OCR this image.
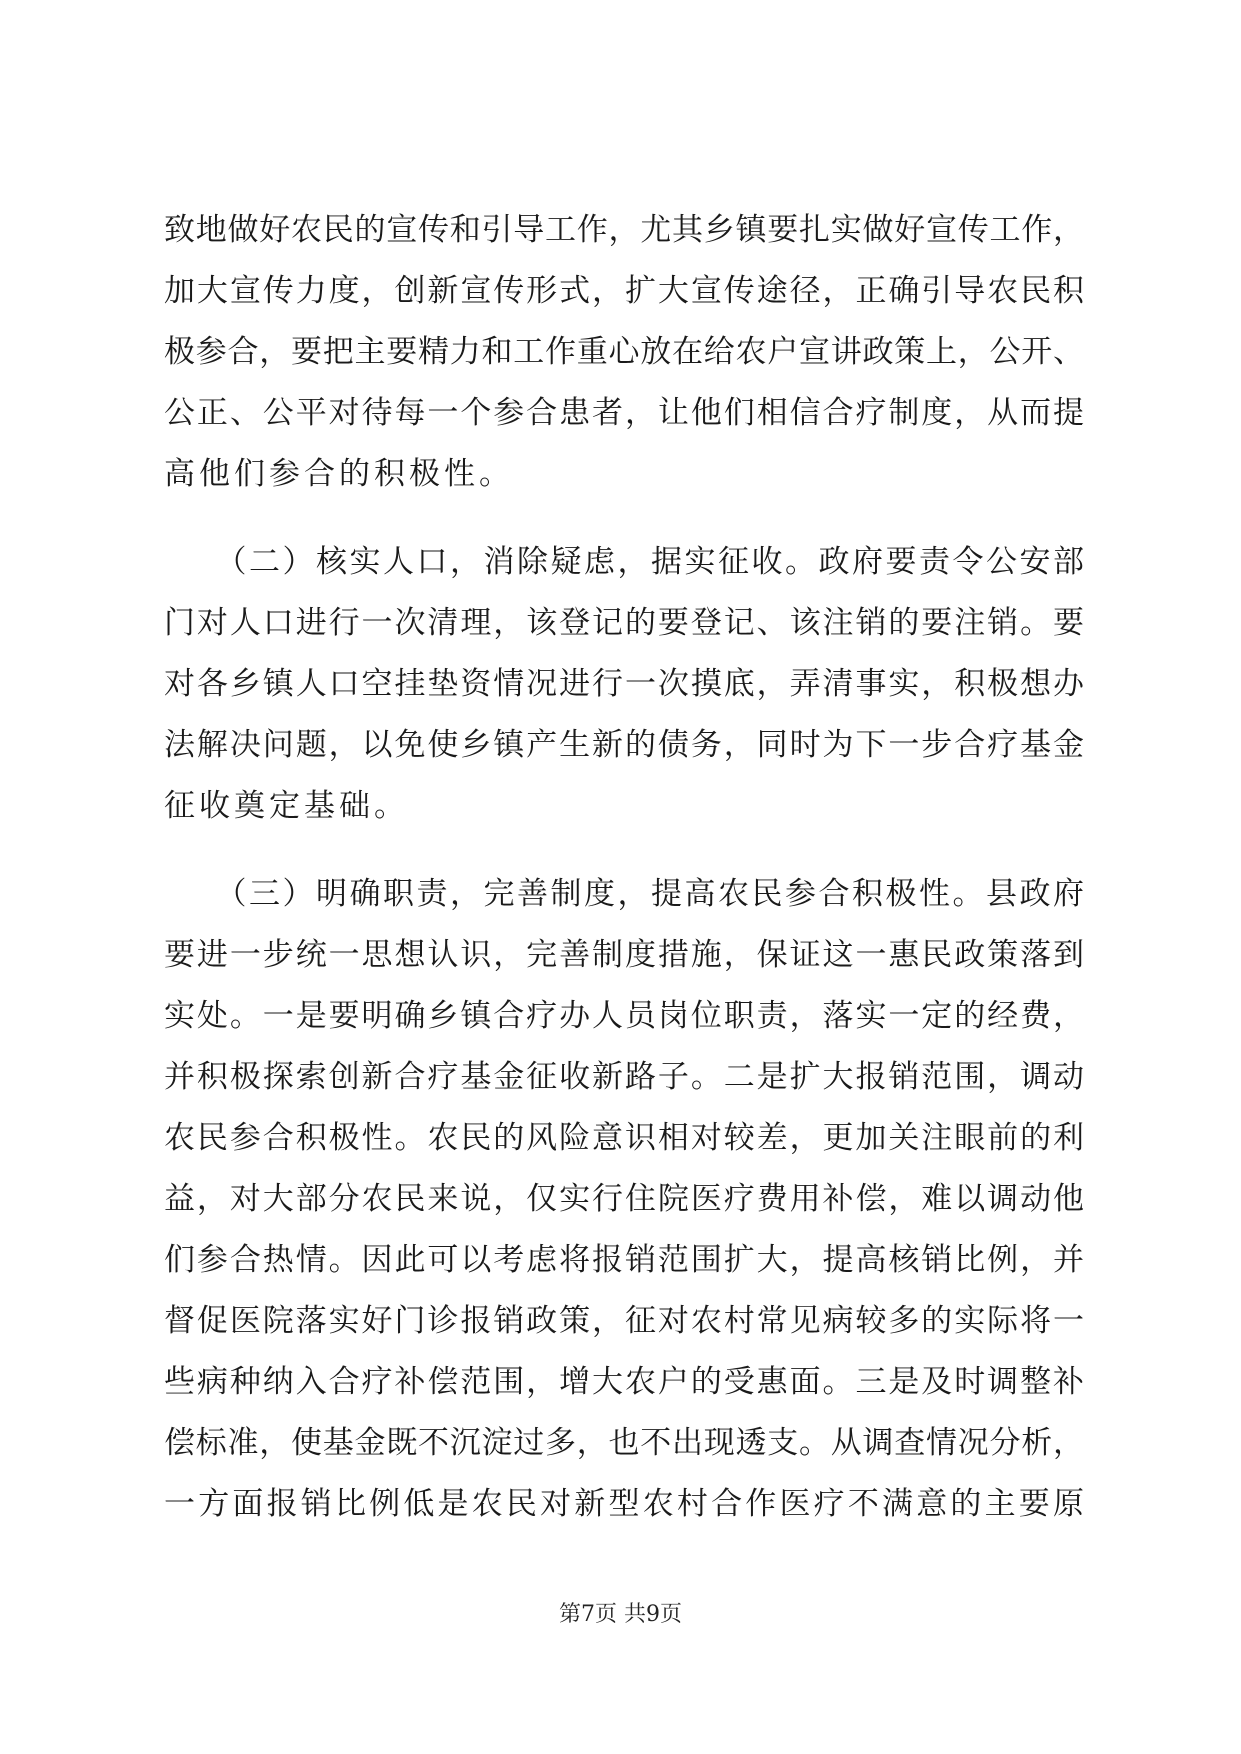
致地做好农民的宣传和引导工作，尤其乡镇要扎实做好宣传工作，
加大宣传力度，创新宣传形式，扩大宣传途径，正确引导农民积
极参合，要把主要精力和工作重心放在给农户宣讲政策上，公开、
公正、公平对待每一个参合患者，让他们相信合疗制度，从而提
高他们参合的积极性。
　　（二）核实人口，消除疑虑，据实征收。政府要责令公安部
门对人口进行一次清理，该登记的要登记、该注销的要注销。要
对各乡镇人口空挂垫资情况进行一次摸底，弄清事实，积极想办
法解决问题，以免使乡镇产生新的债务，同时为下一步合疗基金
征收奠定基础。
　　（三）明确职责，完善制度，提高农民参合积极性。县政府
要进一步统一思想认识，完善制度措施，保证这一惠民政策落到
实处。一是要明确乡镇合疗办人员岗位职责，落实一定的经费，
并积极探索创新合疗基金征收新路子。二是扩大报销范围，调动
农民参合积极性。农民的风险意识相对较差，更加关注眼前的利
益，对大部分农民来说，仅实行住院医疗费用补偿，难以调动他
们参合热情。因此可以考虑将报销范围扩大，提高核销比例，并
督促医院落实好门诊报销政策，征对农村常见病较多的实际将一
些病种纳入合疗补偿范围，增大农户的受惠面。三是及时调整补
偿标准，使基金既不沉淀过多，也不出现透支。从调查情况分析，
一方面报销比例低是农民对新型农村合作医疗不满意的主要原
第7页 共9页
